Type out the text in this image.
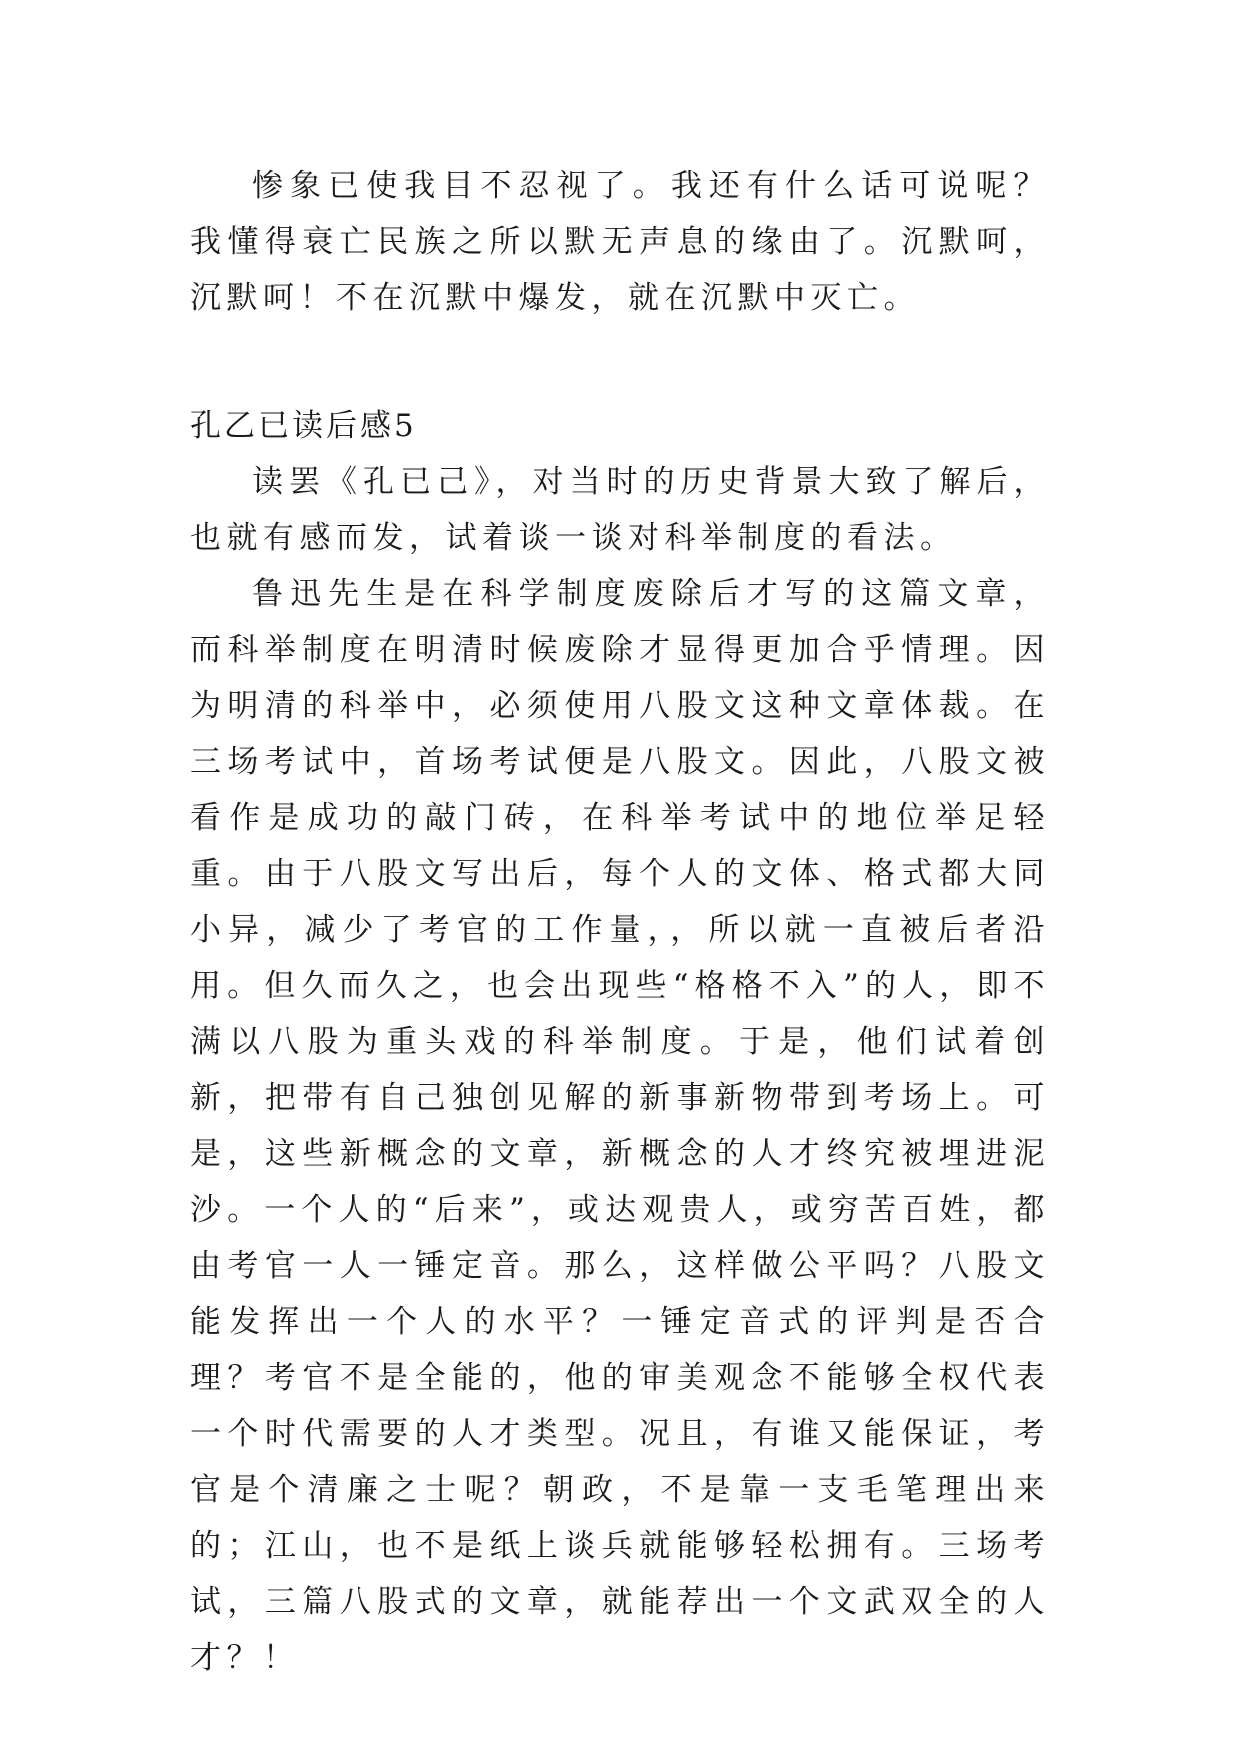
惨象已使我目不忍视了。我还有什么话可说呢？我懂得衰亡民族之所以默无声息的缘由了。沉默呵，沉默呵！不在沉默中爆发，就在沉默中灭亡。

孔乙已读后感5

读罢《孔已己》，对当时的历史背景大致了解后，也就有感而发，试着谈一谈对科举制度的看法。

鲁迅先生是在科学制度废除后才写的这篇文章，而科举制度在明清时候废除才显得更加合乎情理。因为明清的科举中，必须使用八股文这种文章体裁。在三场考试中，首场考试便是八股文。因此，八股文被看作是成功的敲门砖，在科举考试中的地位举足轻重。由于八股文写出后，每个人的文体、格式都大同小异，减少了考官的工作量，，所以就一直被后者沿用。但久而久之，也会出现些“格格不入”的人，即不满以八股为重头戏的科举制度。于是，他们试着创新，把带有自己独创见解的新事新物带到考场上。可是，这些新概念的文章，新概念的人才终究被埋进泥沙。一个人的“后来”，或达观贵人，或穷苦百姓，都由考官一人一锤定音。那么，这样做公平吗？八股文能发挥出一个人的水平？一锤定音式的评判是否合理？考官不是全能的，他的审美观念不能够全权代表一个时代需要的人才类型。况且，有谁又能保证，考官是个清廉之士呢？朝政，不是靠一支毛笔理出来的；江山，也不是纸上谈兵就能够轻松拥有。三场考试，三篇八股式的文章，就能荐出一个文武双全的人才？！
